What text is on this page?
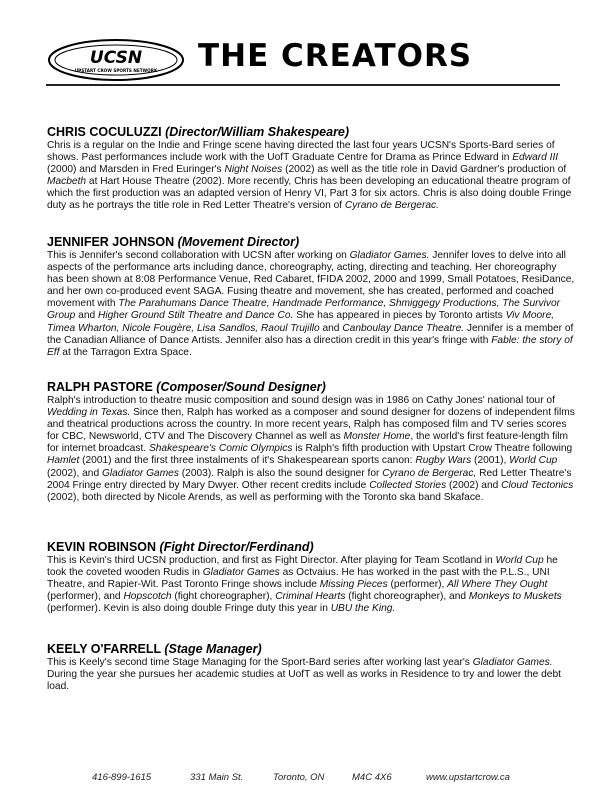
UCSN
UPSTART CROW SPORTS NETWORK THE CREATORS
CHRIS COCULUZZI (Director/William Shakespeare)

Chris is a regular on the Indie and Fringe scene having directed the last four years UCSN's Sports-Bard series of shows. Past performances include work with the UofT Graduate Centre for Drama as Prince Edward in Edward III (2000) and Marsden in Fred Euringer's Night Noises (2002) as well as the title role in David Gardner's production of Macbeth at Hart House Theatre (2002). More recently, Chris has been developing an educational theatre program of which the first production was an adapted version of Henry VI, Part 3 for six actors. Chris is also doing double Fringe duty as he portrays the title role in Red Letter Theatre's version of Cyrano de Bergerac.

JENNIFER JOHNSON (Movement Director)

This is Jennifer's second collaboration with UCSN after working on Gladiator Games. Jennifer loves to delve into all aspects of the performance arts including dance, choreography, acting, directing and teaching. Her choreography has been shown at 8:08 Performance Venue, Red Cabaret, fFIDA 2002, 2000 and 1999, Small Potatoes, ResiDance, and her own co-produced event SAGA. Fusing theatre and movement, she has created, performed and coached movement with The Parahumans Dance Theatre, Handmade Performance, Shmiggegy Productions, The Survivor Group and Higher Ground Stilt Theatre and Dance Co. She has appeared in pieces by Toronto artists Viv Moore, Timea Wharton, Nicole Fougère, Lisa Sandlos, Raoul Trujillo and Canboulay Dance Theatre. Jennifer is a member of the Canadian Alliance of Dance Artists. Jennifer also has a direction credit in this year's fringe with Fable: the story of Eff at the Tarragon Extra Space.

RALPH PASTORE (Composer/Sound Designer)

Ralph's introduction to theatre music composition and sound design was in 1986 on Cathy Jones' national tour of Wedding in Texas. Since then, Ralph has worked as a composer and sound designer for dozens of independent films and theatrical productions across the country. In more recent years, Ralph has composed film and TV series scores for CBC, Newsworld, CTV and The Discovery Channel as well as Monster Home, the world's first feature-length film for internet broadcast. Shakespeare's Comic Olympics is Ralph's fifth production with Upstart Crow Theatre following Hamlet (2001) and the first three instalments of it's Shakespearean sports canon: Rugby Wars (2001), World Cup (2002), and Gladiator Games (2003). Ralph is also the sound designer for Cyrano de Bergerac, Red Letter Theatre's 2004 Fringe entry directed by Mary Dwyer. Other recent credits include Collected Stories (2002) and Cloud Tectonics (2002), both directed by Nicole Arends, as well as performing with the Toronto ska band Skaface.

KEVIN ROBINSON (Fight Director/Ferdinand)

This is Kevin's third UCSN production, and first as Fight Director. After playing for Team Scotland in World Cup he took the coveted wooden Rudis in Gladiator Games as Octvaius. He has worked in the past with the P.L.S., UNI Theatre, and Rapier-Wit. Past Toronto Fringe shows include Missing Pieces (performer), All Where They Ought (performer), and Hopscotch (fight choreographer), Criminal Hearts (fight choreographer), and Monkeys to Muskets (performer). Kevin is also doing double Fringe duty this year in UBU the King.

KEELY O'FARRELL (Stage Manager)

This is Keely's second time Stage Managing for the Sport-Bard series after working last year's Gladiator Games. During the year she pursues her academic studies at UofT as well as works in Residence to try and lower the debt load.

416-899-1615	331 Main St.	Toronto, ON	M4C 4X6	www.upstartcrow.ca
